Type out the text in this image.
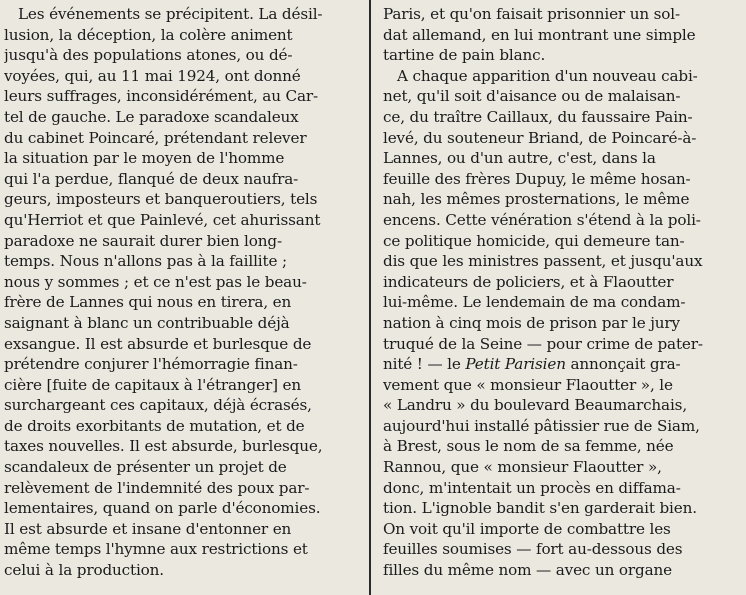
Les événements se précipitent. La désil-
lusion, la déception, la colère animent
jusqu'à des populations atones, ou dé-
voyées, qui, au 11 mai 1924, ont donné
leurs suffrages, inconsidérément, au Car-
tel de gauche. Le paradoxe scandaleux
du cabinet Poincaré, prétendant relever
la situation par le moyen de l'homme
qui l'a perdue, flanqué de deux naufra-
geurs, imposteurs et banqueroutiers, tels
qu'Herriot et que Painlevé, cet ahurissant
paradoxe ne saurait durer bien long-
temps. Nous n'allons pas à la faillite ;
nous y sommes ; et ce n'est pas le beau-
frère de Lannes qui nous en tirera, en
saignant à blanc un contribuable déjà
exsangue. Il est absurde et burlesque de
prétendre conjurer l'hémorragie finan-
cière [fuite de capitaux à l'étranger] en
surchargeant ces capitaux, déjà écrasés,
de droits exorbitants de mutation, et de
taxes nouvelles. Il est absurde, burlesque,
scandaleux de présenter un projet de
relèvement de l'indemnité des poux par-
lementaires, quand on parle d'économies.
Il est absurde et insane d'entonner en
même temps l'hymne aux restrictions et
celui à la production.
Paris, et qu'on faisait prisonnier un sol-
dat allemand, en lui montrant une simple
tartine de pain blanc.
A chaque apparition d'un nouveau cabi-
net, qu'il soit d'aisance ou de malaisan-
ce, du traître Caillaux, du faussaire Pain-
levé, du souteneur Briand, de Poincaré-à-
Lannes, ou d'un autre, c'est, dans la
feuille des frères Dupuy, le même hosan-
nah, les mêmes prosternations, le même
encens. Cette vénération s'étend à la poli-
ce politique homicide, qui demeure tan-
dis que les ministres passent, et jusqu'aux
indicateurs de policiers, et à Flaoutter
lui-même. Le lendemain de ma condam-
nation à cinq mois de prison par le jury
truqué de la Seine — pour crime de pater-
nité ! — le Petit Parisien annonçait gra-
vement que « monsieur Flaoutter », le
« Landru » du boulevard Beaumarchais,
aujourd'hui installé pâtissier rue de Siam,
à Brest, sous le nom de sa femme, née
Rannou, que « monsieur Flaoutter »,
donc, m'intentait un procès en diffama-
tion. L'ignoble bandit s'en garderait bien.
On voit qu'il importe de combattre les
feuilles soumises — fort au-dessous des
filles du même nom — avec un organe
